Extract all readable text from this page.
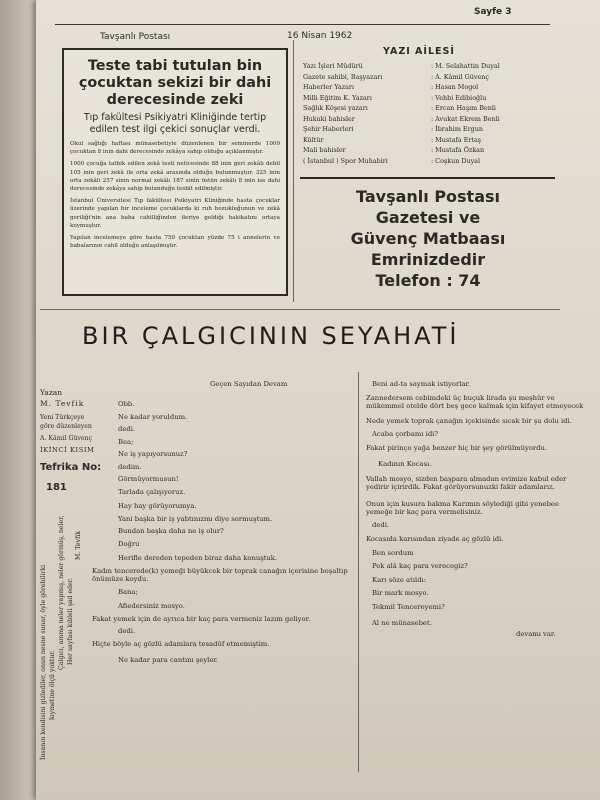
Tavşanlı Postası	16 Nisan 1962
Sayfe 3
Teste tabi tutulan bin çocuktan sekizi bir dahi derecesinde zeki
Tıp fakültesi Psikiyatri Kliniğinde tertip edilen test ilgi çekici sonuçlar verdi.

Okul sağlığı haftası münasebetiyle düzenlenen bir seminerde 1000 çocuktan 8 inin dahi derecesinde zekâya sahip olduğu açıklanmıştır.

1000 çocuğa tatbik edilen zekâ testi neticesinde 88 inin geri zekâlı debil 105 inin geri zekâ ile orta zekâ arasında olduğu bulunmuştur. 325 inin orta zekâlı 257 sinin normal zekâlı 187 sinin üstün zekâlı 8 inin ise dahi derecesinde zekâya sahip bulunduğu tesbit edilmiştir.

İstanbul Üniversitesi Tıp fakültesi Psikiyatri Kliniğinde hasta çocuklar üzerinde yapılan bir inceleme çocuklarda ki ruh bozukluğunun ve zekâ geriliği'nin ana baba cahilliğinden ileriye geldiği hakikatını ortaya koymuştur.

Yapılan incelemeye göre hasta 750 çocuktan yüzde 75 i annelerin ve babalarının cahil olduğu anlaşılmıştır.

YAZI AİLESİ
Yazı İşleri Müdürü	: M. Selahattin Duyal
Gazete sahibi, Başyazarı	: A. Kâmil Güvenç
Haberler Yazarı	: Hasan Mogol
Milli Eğitim K. Yazarı	: Vehbi Edibioğlu
Sağlık Köşesi yazarı	: Ercan Haşım Benli
Hukuki bahisler	: Avukat Ekrem Benli
Şehir Haberleri	: İbrahim Ergun
Kültür	: Mustafa Ertaş
Mali bahisler	: Mustafa Özkan
( İstanbul ) Spor Muhabiri	: Coşkun Duyal
Tavşanlı Postası
Gazetesi ve
Güvenç Matbaası
Emrinizdedir
Telefon : 74
BIR ÇALGICININ SEYAHATİ
Yazan
M. Tevfik
Yeni Türkçeye
göre düzenleyen
A. Kâmil Güvenç
İKİNCİ KISIM
Tefrika No:
181
İnsanın kendisini gizlediler, onun nesne sunar, öyle görebilirki kıymetine ölçü yoktur.
Çalgıcı, amma neler yapmış, neler görmüş, neler, Her sayfası kıbleli şad eder.
M. Tevfik
Geçen Sayıdan Devam

Obb.

Ne kadar yoruldum.

dedi.

Bea;

Ne iş yapıyorsunuz?

dedim.

Görmüyormusun!

Tarlada çalışıyoruz.

Hay hay görüyorumya.

Yani başka bir iş yabtınızmı diye sormuştum.

Bundan başka daha ne iş olur?

Doğru

Herifle dereden tepeden biraz daha konuştuk.

Kadın tencerede(k) yemeği büyükcek bir toprak canağın içerisine boşaltıp önümüze koydu.

Bana;

Afiedersiniz mosyo.

Fakat yemek için de ayrıca bir kaç para vermeniz lazım geliyor.

dedi.

Hiçte böyle aç gözlü adamlara tesadüf etmemiştim.

Ne kadar para cantını şeyler.

Beni ad-ta saymak istiyorlar.

Zannedersem cebimdeki üç buçuk lirada şu meşhûr ve mükemmel otelde dört beş gece kalmak için kifayet etmeyecek

Nede yemek toprak çanağın içekisinde sıcak bir şu dolu idi.

Acaba çorbamı idi?

Fakat pirinço yağa benzer hiç bir şey görülmüyordu.

Kadının Kocası.

Vallah mosyo, sizden başpara almadan evimize kabul eder yedirir içirirdik. Fakat görüyorsunuzki fakir adamlarız.

Onun için kusura bakma Karımın söylediği gibi yenebee yemeğe bir kaç para vermelisiniz.

dedi.

Kocasıda karısından ziyade aç gözlü idi.

Ben sordum

Pek alâ kaç para verecegiz?

Karı söze atıldı:

Bir mark mosyo.

Tekmil Tencereyemi?

Al ne münasebet.

devamı var.
